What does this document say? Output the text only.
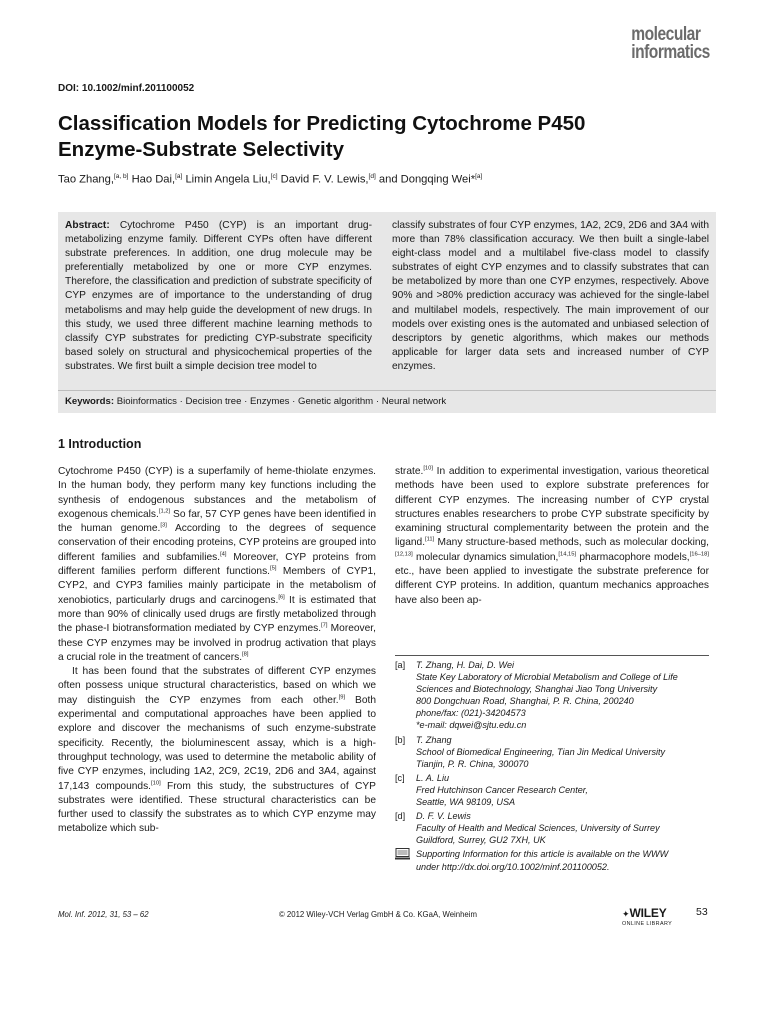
molecular
informatics
DOI: 10.1002/minf.201100052
Classification Models for Predicting Cytochrome P450
Enzyme-Substrate Selectivity
Tao Zhang,[a, b] Hao Dai,[a] Limin Angela Liu,[c] David F. V. Lewis,[d] and Dongqing Wei*[a]
Abstract: Cytochrome P450 (CYP) is an important drug-metabolizing enzyme family. Different CYPs often have different substrate preferences. In addition, one drug molecule may be preferentially metabolized by one or more CYP enzymes. Therefore, the classification and prediction of substrate specificity of CYP enzymes are of importance to the understanding of drug metabolisms and may help guide the development of new drugs. In this study, we used three different machine learning methods to classify CYP substrates for predicting CYP-substrate specificity based solely on structural and physicochemical properties of the substrates. We first built a simple decision tree model to
classify substrates of four CYP enzymes, 1A2, 2C9, 2D6 and 3A4 with more than 78% classification accuracy. We then built a single-label eight-class model and a multilabel five-class model to classify substrates of eight CYP enzymes and to classify substrates that can be metabolized by more than one CYP enzymes, respectively. Above 90% and >80% prediction accuracy was achieved for the single-label and multilabel models, respectively. The main improvement of our models over existing ones is the automated and unbiased selection of descriptors by genetic algorithms, which makes our methods applicable for larger data sets and increased number of CYP enzymes.
Keywords: Bioinformatics · Decision tree · Enzymes · Genetic algorithm · Neural network
1 Introduction

Cytochrome P450 (CYP) is a superfamily of heme-thiolate enzymes. In the human body, they perform many key functions including the synthesis of endogenous substances and the metabolism of exogenous chemicals.[1,2] So far, 57 CYP genes have been identified in the human genome.[3] According to the degrees of sequence conservation of their encoding proteins, CYP proteins are grouped into different families and subfamilies.[4] Moreover, CYP proteins from different families perform different functions.[5] Members of CYP1, CYP2, and CYP3 families mainly participate in the metabolism of xenobiotics, particularly drugs and carcinogens.[6] It is estimated that more than 90% of clinically used drugs are firstly metabolized through the phase-I biotransformation mediated by CYP enzymes.[7] Moreover, these CYP enzymes may be involved in prodrug activation that plays a crucial role in the treatment of cancers.[8]

It has been found that the substrates of different CYP enzymes often possess unique structural characteristics, based on which we may distinguish the CYP enzymes from each other.[9] Both experimental and computational approaches have been applied to explore and discover the mechanisms of such enzyme-substrate specificity. Recently, the bioluminescent assay, which is a high-throughput technology, was used to determine the metabolic ability of five CYP enzymes, including 1A2, 2C9, 2C19, 2D6 and 3A4, against 17,143 compounds.[10] From this study, the substructures of CYP substrates were identified. These structural characteristics can be further used to classify the substrates as to which CYP enzyme may metabolize which sub-

strate.[10] In addition to experimental investigation, various theoretical methods have been used to explore substrate preferences for different CYP enzymes. The increasing number of CYP crystal structures enables researchers to probe CYP substrate specificity by examining structural complementarity between the protein and the ligand.[11] Many structure-based methods, such as molecular docking,[12,13] molecular dynamics simulation,[14,15] pharmacophore models,[16–18] etc., have been applied to investigate the substrate preference for different CYP proteins. In addition, quantum mechanics approaches have also been ap-

[a]	T. Zhang, H. Dai, D. Wei
State Key Laboratory of Microbial Metabolism and College of Life
Sciences and Biotechnology, Shanghai Jiao Tong University
800 Dongchuan Road, Shanghai, P. R. China, 200240
phone/fax: (021)-34204573
*e-mail: dqwei@sjtu.edu.cn
[b]	T. Zhang
School of Biomedical Engineering, Tian Jin Medical University
Tianjin, P. R. China, 300070
[c]	L. A. Liu
Fred Hutchinson Cancer Research Center,
Seattle, WA 98109, USA
[d]	D. F. V. Lewis
Faculty of Health and Medical Sciences, University of Surrey
Guildford, Surrey, GU2 7XH, UK
Supporting Information for this article is available on the WWW
under http://dx.doi.org/10.1002/minf.201100052.
Mol. Inf. 2012, 31, 53 – 62	© 2012 Wiley-VCH Verlag GmbH & Co. KGaA, Weinheim	✦WILEY
ONLINE LIBRARY
53
